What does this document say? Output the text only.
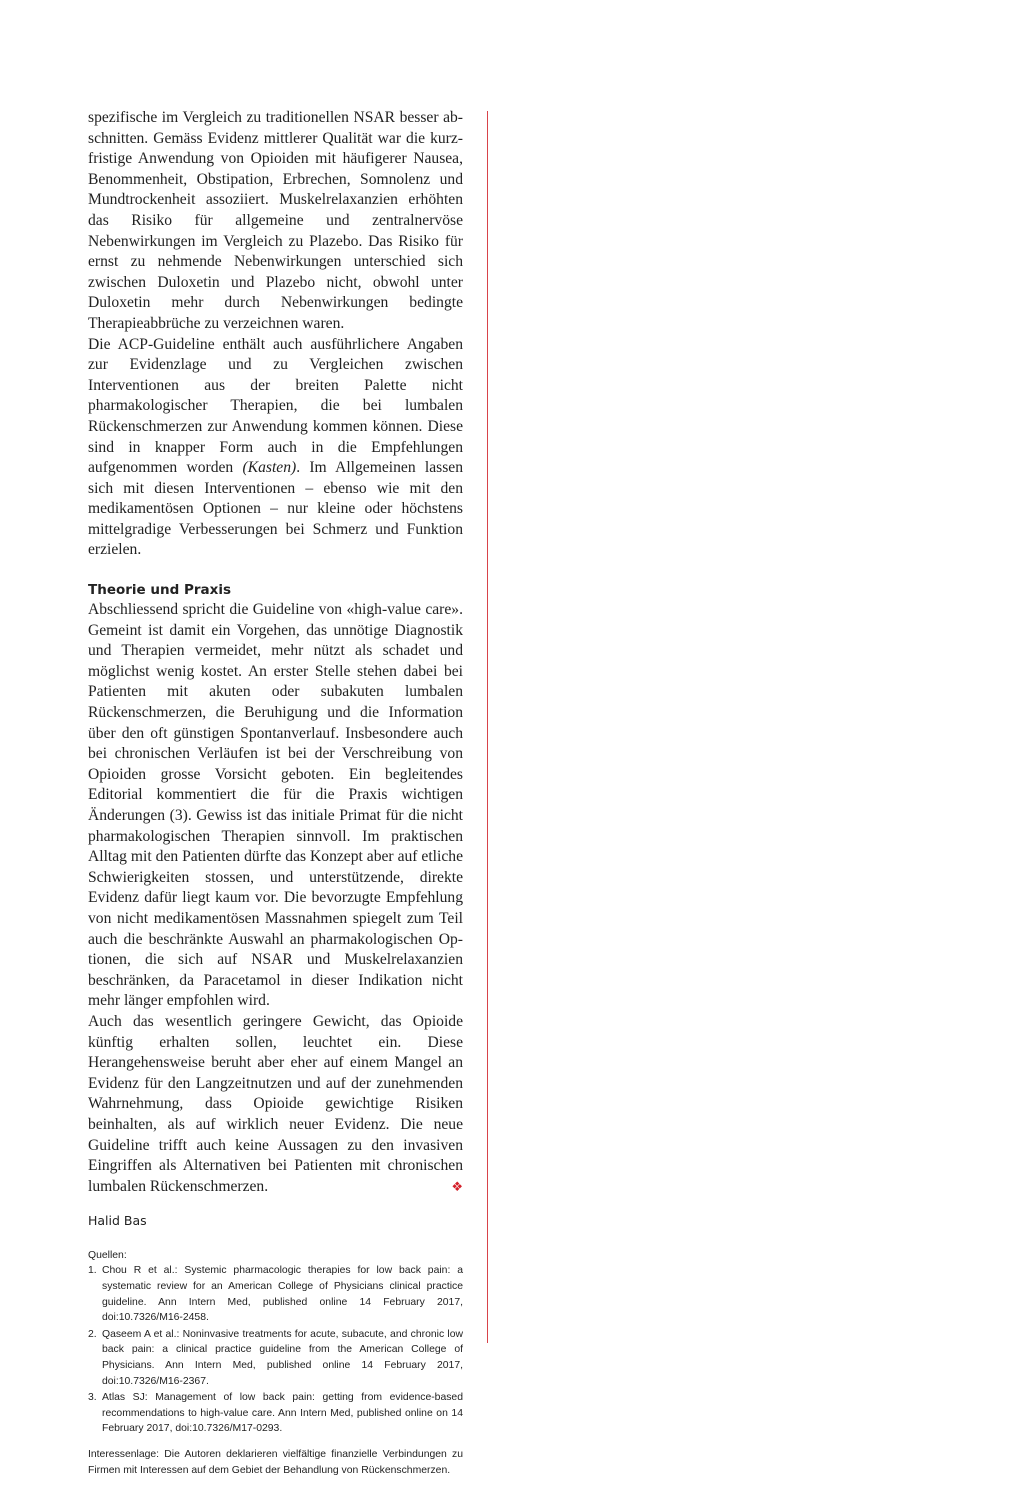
spezifische im Vergleich zu traditionellen NSAR besser abschnitten. Gemäss Evidenz mittlerer Qualität war die kurzfristige Anwendung von Opioiden mit häufigerer Nausea, Benommenheit, Obstipation, Erbrechen, Somnolenz und Mundtrockenheit assoziiert. Muskelrelaxanzien erhöhten das Risiko für allgemeine und zentralnervöse Nebenwirkungen im Vergleich zu Plazebo. Das Risiko für ernst zu nehmende Nebenwirkungen unterschied sich zwischen Duloxetin und Plazebo nicht, obwohl unter Duloxetin mehr durch Nebenwirkungen bedingte Therapieabbrüche zu verzeichnen waren.

Die ACP-Guideline enthält auch ausführlichere Angaben zur Evidenzlage und zu Vergleichen zwischen Interventionen aus der breiten Palette nicht pharmakologischer Therapien, die bei lumbalen Rückenschmerzen zur Anwendung kommen können. Diese sind in knapper Form auch in die Empfehlungen aufgenommen worden (Kasten). Im Allgemeinen lassen sich mit diesen Interventionen – ebenso wie mit den medikamentösen Optionen – nur kleine oder höchstens mittelgradige Verbesserungen bei Schmerz und Funktion erzielen.

Theorie und Praxis

Abschliessend spricht die Guideline von «high-value care». Gemeint ist damit ein Vorgehen, das unnötige Diagnostik und Therapien vermeidet, mehr nützt als schadet und möglichst wenig kostet. An erster Stelle stehen dabei bei Patienten mit akuten oder subakuten lumbalen Rückenschmerzen, die Beruhigung und die Information über den oft günstigen Spontanverlauf. Insbesondere auch bei chronischen Verläufen ist bei der Verschreibung von Opioiden grosse Vorsicht geboten. Ein begleitendes Editorial kommentiert die für die Praxis wichtigen Änderungen (3). Gewiss ist das initiale Primat für die nicht pharmakologischen Therapien sinnvoll. Im praktischen Alltag mit den Patienten dürfte das Konzept aber auf etliche Schwierigkeiten stossen, und unterstützende, direkte Evidenz dafür liegt kaum vor. Die bevorzugte Empfehlung von nicht medikamentösen Massnahmen spiegelt zum Teil auch die beschränkte Auswahl an pharmakologischen Optionen, die sich auf NSAR und Muskelrelaxanzien beschränken, da Paracetamol in dieser Indikation nicht mehr länger empfohlen wird.

Auch das wesentlich geringere Gewicht, das Opioide künftig erhalten sollen, leuchtet ein. Diese Herangehensweise beruht aber eher auf einem Mangel an Evidenz für den Langzeitnutzen und auf der zunehmenden Wahrnehmung, dass Opioide gewichtige Risiken beinhalten, als auf wirklich neuer Evidenz. Die neue Guideline trifft auch keine Aussagen zu den invasiven Eingriffen als Alternativen bei Patienten mit chronischen lumbalen Rückenschmerzen.	❖

Halid Bas

Quellen:

1. Chou R et al.: Systemic pharmacologic therapies for low back pain: a systematic review for an American College of Physicians clinical practice guideline. Ann Intern Med, published online 14 February 2017, doi:10.7326/M16-2458.
2. Qaseem A et al.: Noninvasive treatments for acute, subacute, and chronic low back pain: a clinical practice guideline from the American College of Physicians. Ann Intern Med, published online 14 February 2017, doi:10.7326/M16-2367.
3. Atlas SJ: Management of low back pain: getting from evidence-based recommendations to high-value care. Ann Intern Med, published online on 14 February 2017, doi:10.7326/M17-0293.

Interessenlage: Die Autoren deklarieren vielfältige finanzielle Verbindungen zu Firmen mit Interessen auf dem Gebiet der Behandlung von Rückenschmerzen.
